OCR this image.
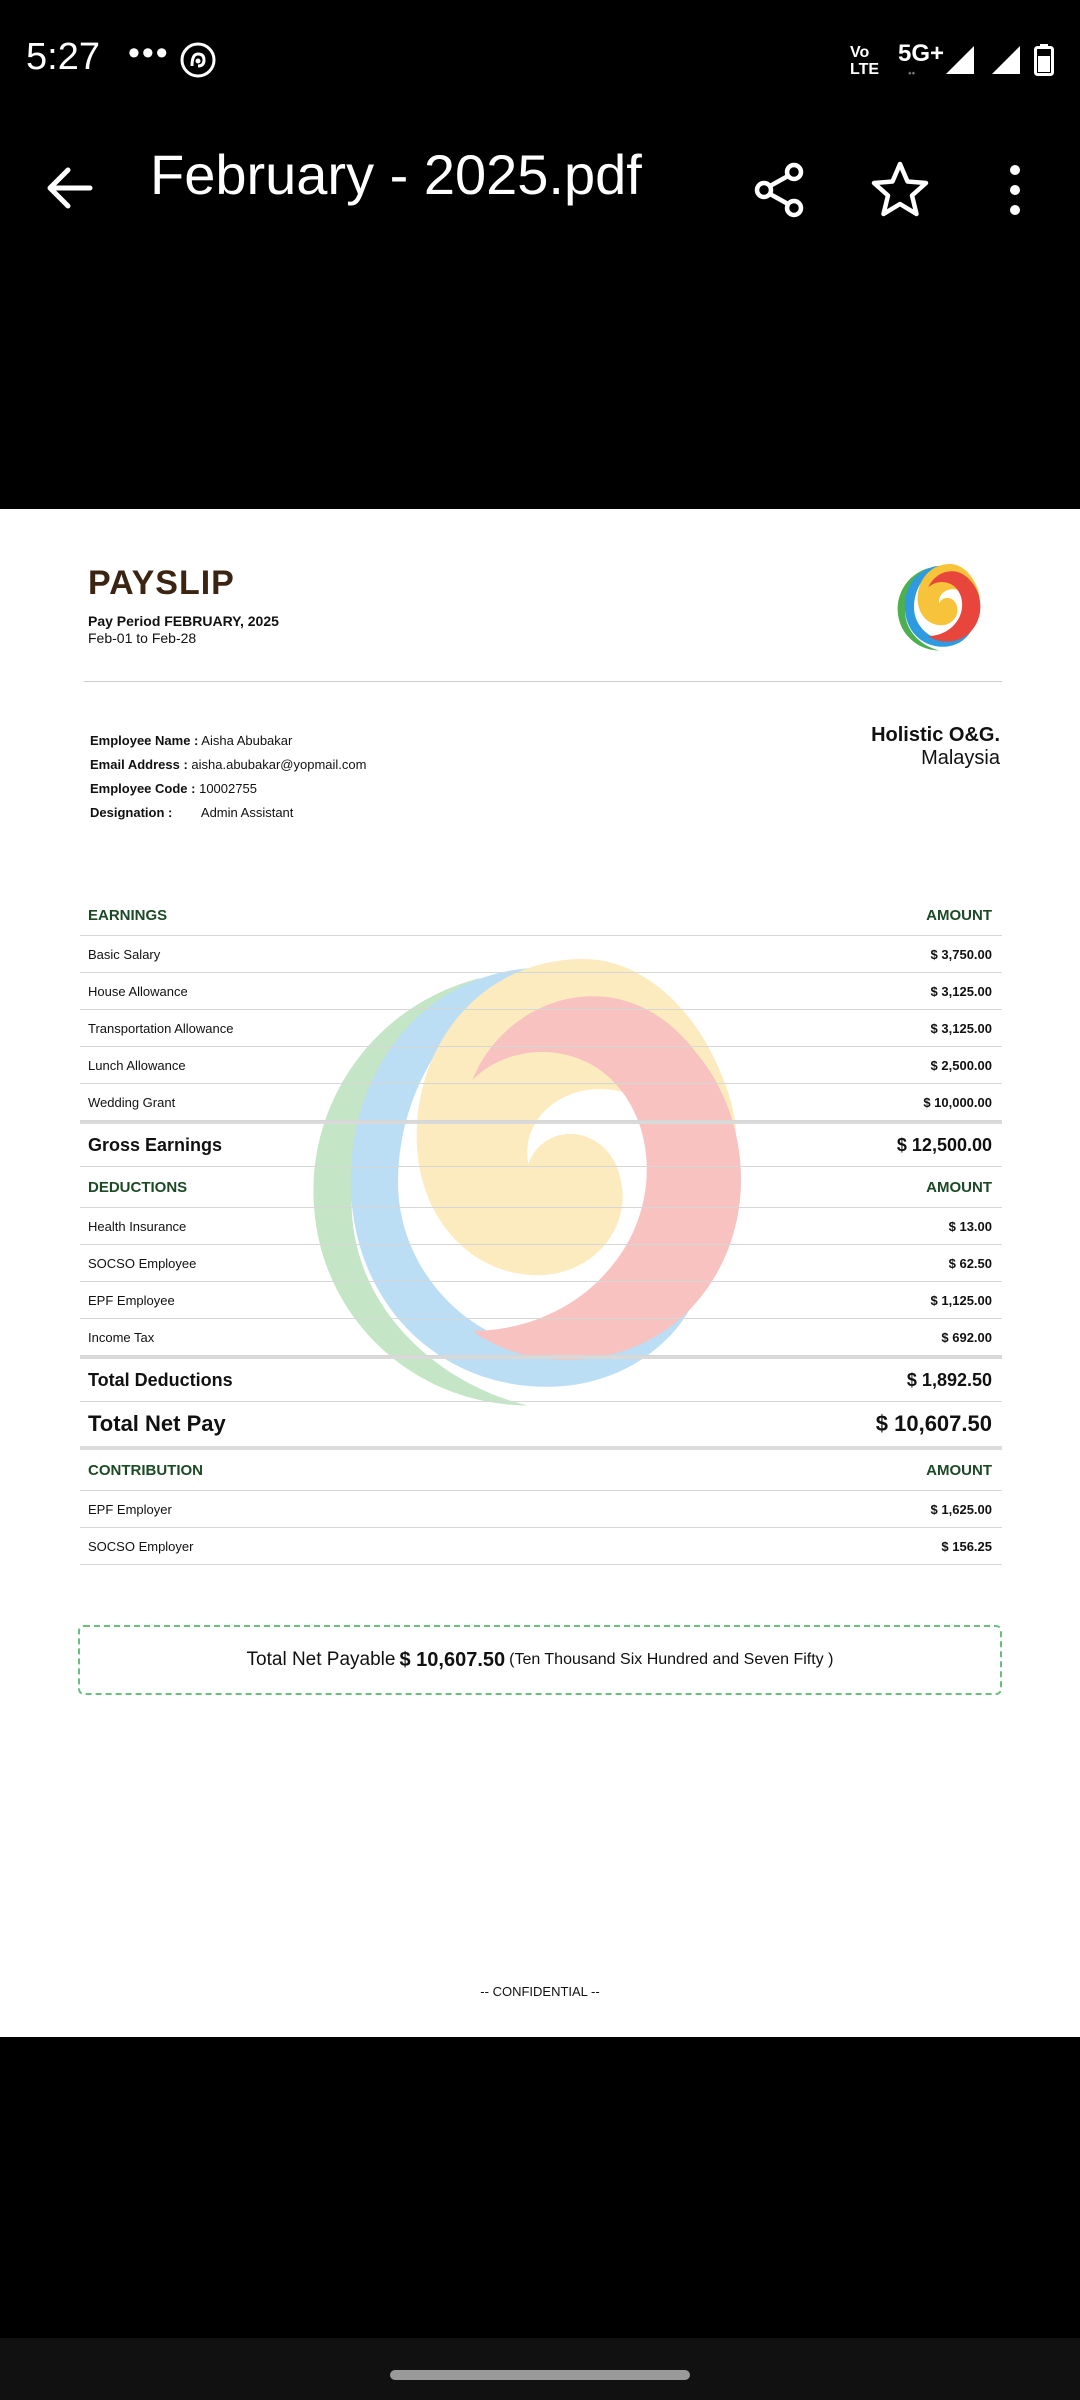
5:27 •••	Vo
LTE
5G+
⬩⬩
February - 2025.pdf
PAYSLIP
Pay Period FEBRUARY, 2025
Feb-01 to Feb-28
Employee Name : Aisha Abubakar
Email Address : aisha.abubakar@yopmail.com
Employee Code : 10002755
Designation : Admin Assistant
Holistic O&G.
Malaysia
EARNINGS	AMOUNT
Basic Salary	$ 3,750.00
House Allowance	$ 3,125.00
Transportation Allowance	$ 3,125.00
Lunch Allowance	$ 2,500.00
Wedding Grant	$ 10,000.00
Gross Earnings	$ 12,500.00
DEDUCTIONS	AMOUNT
Health Insurance	$ 13.00
SOCSO Employee	$ 62.50
EPF Employee	$ 1,125.00
Income Tax	$ 692.00
Total Deductions	$ 1,892.50
Total Net Pay	$ 10,607.50
CONTRIBUTION	AMOUNT
EPF Employer	$ 1,625.00
SOCSO Employer	$ 156.25
Total Net Payable $ 10,607.50 (Ten Thousand Six Hundred and Seven Fifty )
-- CONFIDENTIAL --
